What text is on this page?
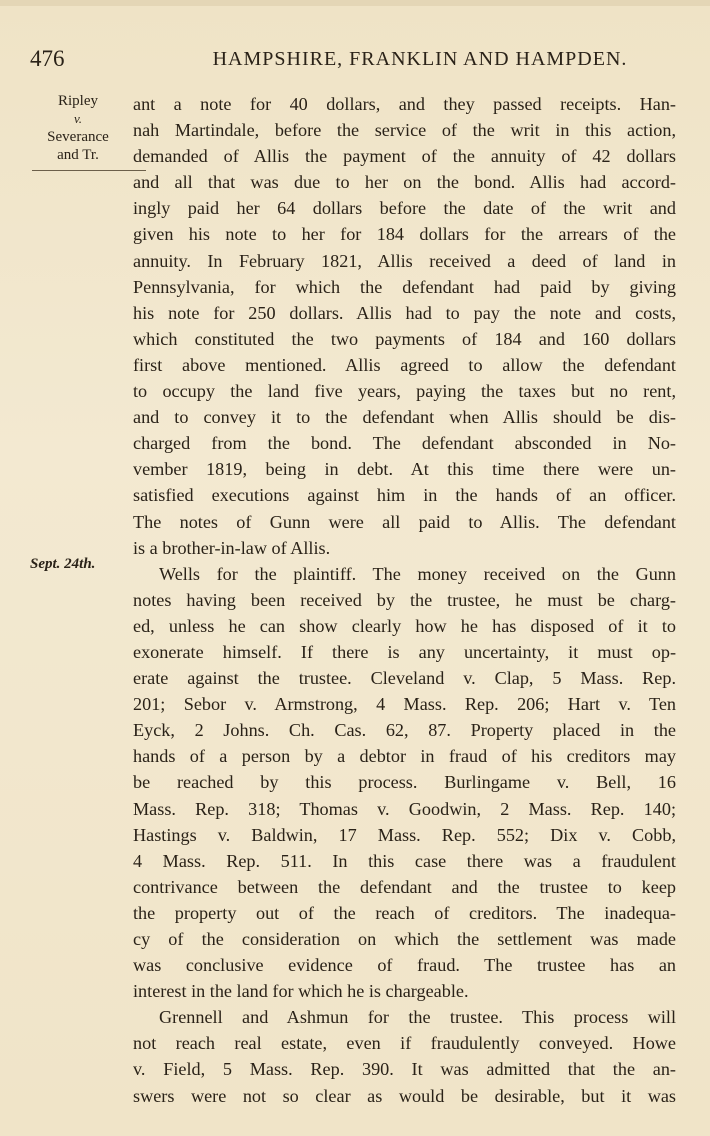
476	HAMPSHIRE, FRANKLIN AND HAMPDEN.
Ripley
v.
Severance
and Tr.
Sept. 24th.
ant a note for 40 dollars, and they passed receipts. Han-
nah Martindale, before the service of the writ in this action,
demanded of Allis the payment of the annuity of 42 dollars
and all that was due to her on the bond. Allis had accord-
ingly paid her 64 dollars before the date of the writ and
given his note to her for 184 dollars for the arrears of the
annuity. In February 1821, Allis received a deed of land in
Pennsylvania, for which the defendant had paid by giving
his note for 250 dollars. Allis had to pay the note and costs,
which constituted the two payments of 184 and 160 dollars
first above mentioned. Allis agreed to allow the defendant
to occupy the land five years, paying the taxes but no rent,
and to convey it to the defendant when Allis should be dis-
charged from the bond. The defendant absconded in No-
vember 1819, being in debt. At this time there were un-
satisfied executions against him in the hands of an officer.
The notes of Gunn were all paid to Allis. The defendant
is a brother-in-law of Allis.
Wells for the plaintiff. The money received on the Gunn
notes having been received by the trustee, he must be charg-
ed, unless he can show clearly how he has disposed of it to
exonerate himself. If there is any uncertainty, it must op-
erate against the trustee. Cleveland v. Clap, 5 Mass. Rep.
201; Sebor v. Armstrong, 4 Mass. Rep. 206; Hart v. Ten
Eyck, 2 Johns. Ch. Cas. 62, 87. Property placed in the
hands of a person by a debtor in fraud of his creditors may
be reached by this process. Burlingame v. Bell, 16
Mass. Rep. 318; Thomas v. Goodwin, 2 Mass. Rep. 140;
Hastings v. Baldwin, 17 Mass. Rep. 552; Dix v. Cobb,
4 Mass. Rep. 511. In this case there was a fraudulent
contrivance between the defendant and the trustee to keep
the property out of the reach of creditors. The inadequa-
cy of the consideration on which the settlement was made
was conclusive evidence of fraud. The trustee has an
interest in the land for which he is chargeable.
Grennell and Ashmun for the trustee. This process will
not reach real estate, even if fraudulently conveyed. Howe
v. Field, 5 Mass. Rep. 390. It was admitted that the an-
swers were not so clear as would be desirable, but it was
